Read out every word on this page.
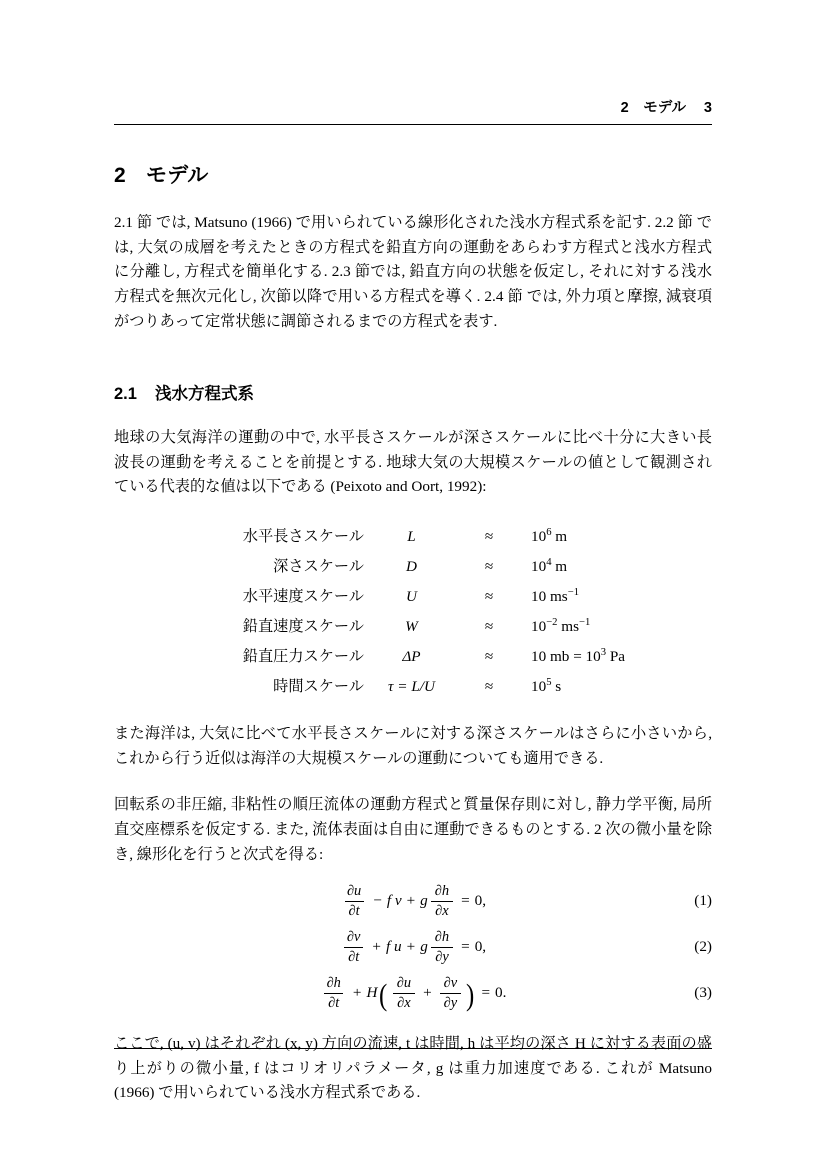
2　モデル	3
2 モデル

2.1 節 では, Matsuno (1966) で用いられている線形化された浅水方程式系を記す. 2.2 節 では, 大気の成層を考えたときの方程式を鉛直方向の運動をあらわす方程式と浅水方程式に分離し, 方程式を簡単化する. 2.3 節では, 鉛直方向の状態を仮定し, それに対する浅水方程式を無次元化し, 次節以降で用いる方程式を導く. 2.4 節 では, 外力項と摩擦, 減衰項がつりあって定常状態に調節されるまでの方程式を表す.

2.1 浅水方程式系

地球の大気海洋の運動の中で, 水平長さスケールが深さスケールに比べ十分に大きい長波長の運動を考えることを前提とする. 地球大気の大規模スケールの値として観測されている代表的な値は以下である (Peixoto and Oort, 1992):

水平長さスケール	L	≈	$10^6$ m
深さスケール	D	≈	$10^4$ m
水平速度スケール	U	≈	10 $ms^{-1}$
鉛直速度スケール	W	≈	$10^{-2}$ $ms^{-1}$
鉛直圧力スケール	ΔP	≈	10 mb = $10^3$ Pa
時間スケール	τ = L/U	≈	$10^5$ s

また海洋は, 大気に比べて水平長さスケールに対する深さスケールはさらに小さいから, これから行う近似は海洋の大規模スケールの運動についても適用できる.

回転系の非圧縮, 非粘性の順圧流体の運動方程式と質量保存則に対し, 静力学平衡, 局所直交座標系を仮定する. また, 流体表面は自由に運動できるものとする. 2 次の微小量を除き, 線形化を行うと次式を得る:

$\frac{\partial u}{\partial t} - f$ v + g $\frac{\partial h}{\partial x} = 0$,	(1)
$\frac{\partial v}{\partial t} + f$ u + g $\frac{\partial h}{\partial y} = 0$,	(2)
$\frac{\partial h}{\partial t} + H$ ( $\frac{\partial u}{\partial x} + \frac{\partial v}{\partial y}$ ) = 0.	(3)

ここで, (u, v) はそれぞれ (x, y) 方向の流速, t は時間, h は平均の深さ H に対する表面の盛り上がりの微小量, f はコリオリパラメータ, g は重力加速度である. これが Matsuno (1966) で用いられている浅水方程式系である.
